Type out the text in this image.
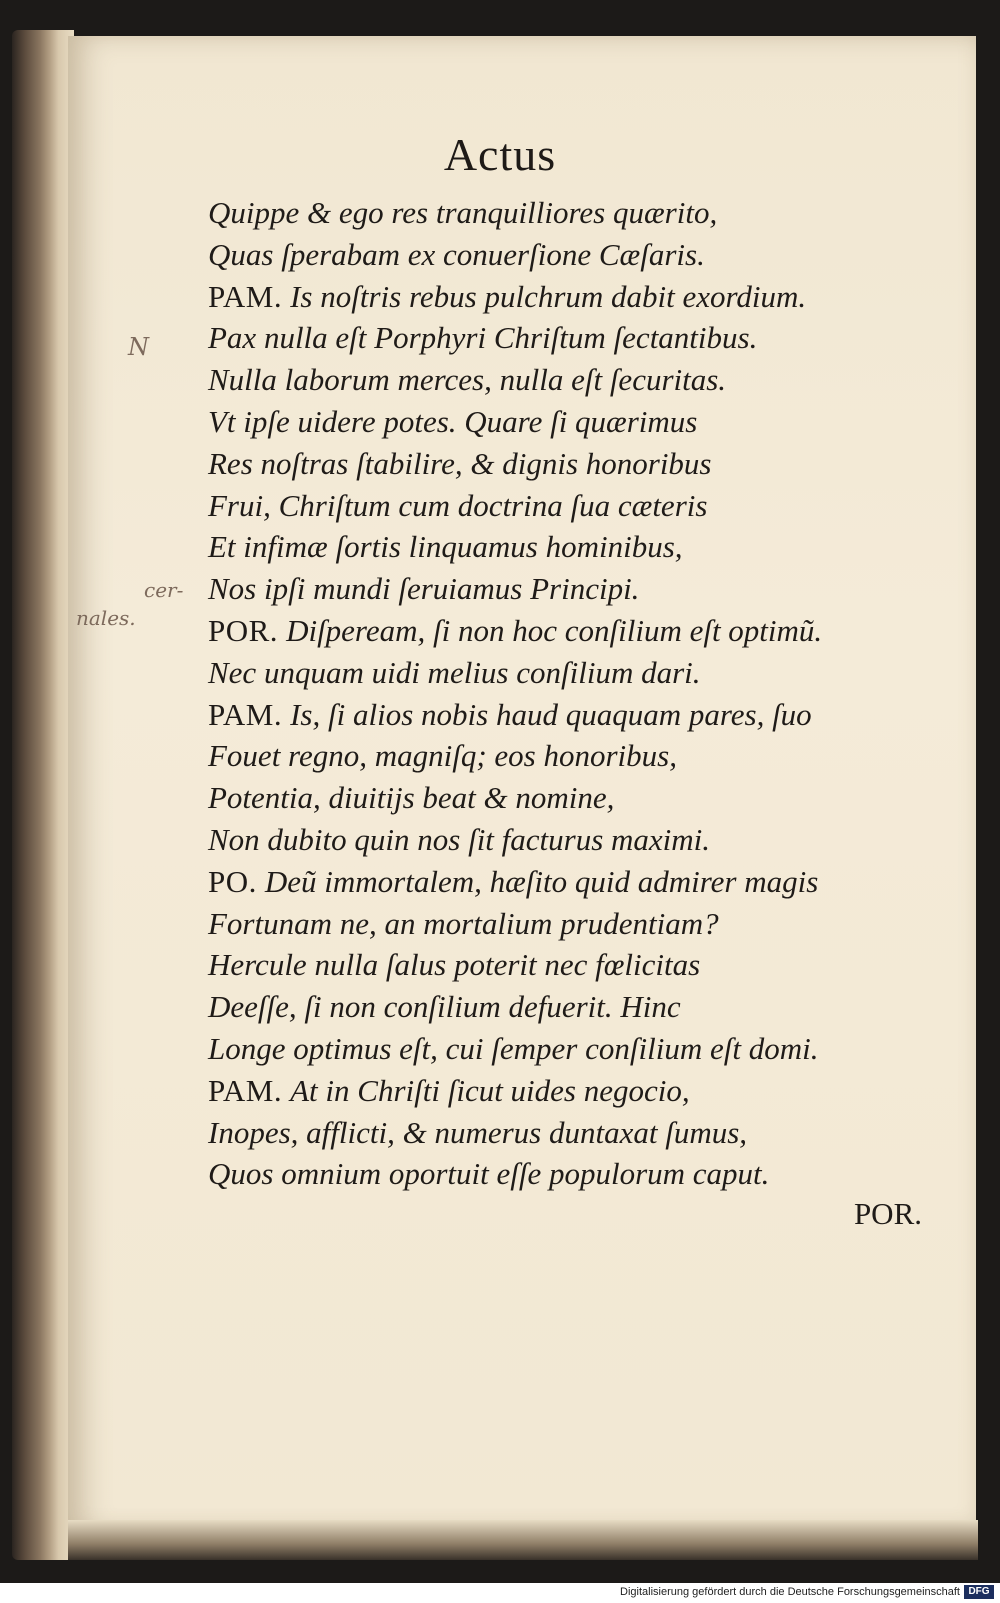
Actus
Quippe & ego res tranquilliores quærito,
Quas ſperabam ex conuerſione Cæſaris.
PAM. Is noſtris rebus pulchrum dabit exordium.
Pax nulla eſt Porphyri Chriſtum ſectantibus.
Nulla laborum merces, nulla eſt ſecuritas.
Vt ipſe uidere potes. Quare ſi quærimus
Res noſtras ſtabilire, & dignis honoribus
Frui, Chriſtum cum doctrina ſua cæteris
Et infimæ ſortis linquamus hominibus,
Nos ipſi mundi ſeruiamus Principi.
POR. Diſpeream, ſi non hoc conſilium eſt optimũ.
Nec unquam uidi melius conſilium dari.
PAM. Is, ſi alios nobis haud quaquam pares, ſuo
Fouet regno, magniſq; eos honoribus,
Potentia, diuitijs beat & nomine,
Non dubito quin nos ſit facturus maximi.
PO. Deũ immortalem, hæſito quid admirer magis
Fortunam ne, an mortalium prudentiam?
Hercule nulla ſalus poterit nec fœlicitas
Deeſſe, ſi non conſilium defuerit. Hinc
Longe optimus eſt, cui ſemper conſilium eſt domi.
PAM. At in Chriſti ſicut uides negocio,
Inopes, afflicti, & numerus duntaxat ſumus,
Quos omnium oportuit eſſe populorum caput.
POR.
N
cer-
nales.
Digitalisierung gefördert durch die Deutsche Forschungsgemeinschaft DFG
